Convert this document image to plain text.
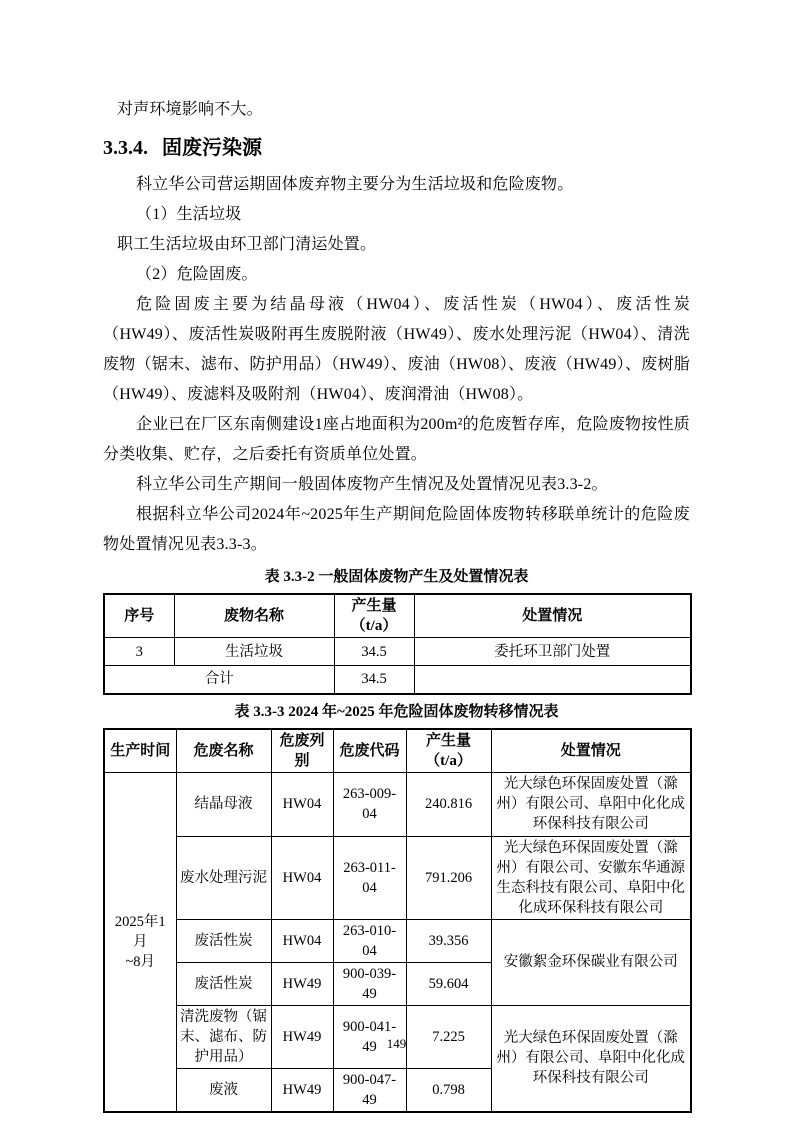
对声环境影响不大。

3.3.4. 固废污染源

科立华公司营运期固体废弃物主要分为生活垃圾和危险废物。

（1）生活垃圾

职工生活垃圾由环卫部门清运处置。

（2）危险固废。

危险固废主要为结晶母液（HW04）、废活性炭（HW04）、废活性炭（HW49）、废活性炭吸附再生废脱附液（HW49）、废水处理污泥（HW04）、清洗废物（锯末、滤布、防护用品）（HW49）、废油（HW08）、废液（HW49）、废树脂（HW49）、废滤料及吸附剂（HW04）、废润滑油（HW08）。

企业已在厂区东南侧建设1座占地面积为200m²的危废暂存库，危险废物按性质分类收集、贮存，之后委托有资质单位处置。

科立华公司生产期间一般固体废物产生情况及处置情况见表3.3-2。

根据科立华公司2024年~2025年生产期间危险固体废物转移联单统计的危险废物处置情况见表3.3-3。

表 3.3-2 一般固体废物产生及处置情况表
序号	废物名称	产生量（t/a）	处置情况
3	生活垃圾	34.5	委托环卫部门处置
合计		34.5	
表 3.3-3 2024 年~2025 年危险固体废物转移情况表
生产时间	危废名称	危废列别	危废代码	产生量（t/a）	处置情况

2025年1月
~8月	结晶母液	HW04	263-009-04	240.816	光大绿色环保固废处置（滁州）有限公司、阜阳中化化成环保科技有限公司
	废水处理污泥	HW04	263-011-04	791.206	光大绿色环保固废处置（滁州）有限公司、安徽东华通源生态科技有限公司、阜阳中化化成环保科技有限公司
	废活性炭	HW04	263-010-04	39.356	安徽絮金环保碳业有限公司
	废活性炭	HW49	900-039-49	59.604	
	清洗废物（锯末、滤布、防护用品）	HW49	900-041-49	7.225	光大绿色环保固废处置（滁州）有限公司、阜阳中化化成环保科技有限公司
	废液	HW49	900-047-49	0.798	
149
